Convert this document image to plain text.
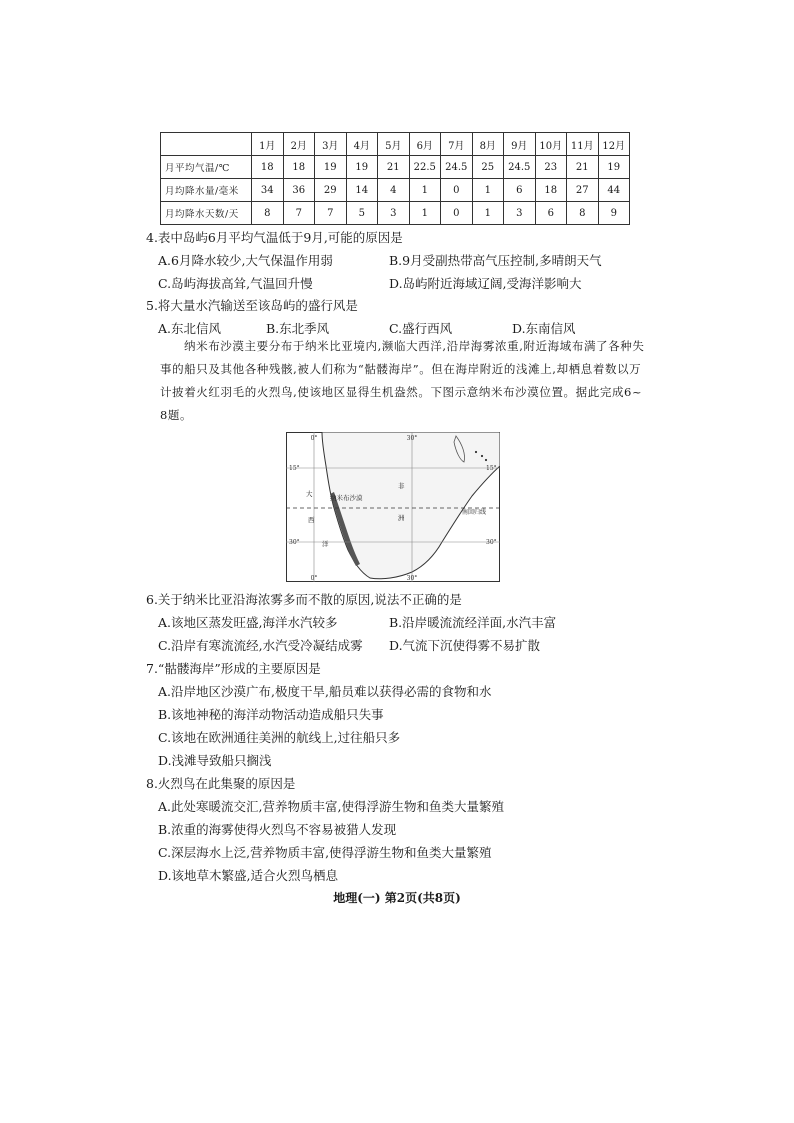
	1月	2月	3月	4月	5月	6月	7月	8月	9月	10月	11月	12月
月平均气温/℃	18	18	19	19	21	22.5	24.5	25	24.5	23	21	19
月均降水量/毫米	34	36	29	14	4	1	0	1	6	18	27	44
月均降水天数/天	8	7	7	5	3	1	0	1	3	6	8	9
4.表中岛屿6月平均气温低于9月,可能的原因是
A.6月降水较少,大气保温作用弱	B.9月受副热带高气压控制,多晴朗天气
C.岛屿海拔高耸,气温回升慢	D.岛屿附近海域辽阔,受海洋影响大
5.将大量水汽输送至该岛屿的盛行风是
A.东北信风	B.东北季风	C.盛行西风	D.东南信风
纳米布沙漠主要分布于纳米比亚境内,濒临大西洋,沿岸海雾浓重,附近海域布满了各种失
事的船只及其他各种残骸,被人们称为“骷髅海岸”。但在海岸附近的浅滩上,却栖息着数以万
计披着火红羽毛的火烈鸟,使该地区显得生机盎然。下图示意纳米布沙漠位置。据此完成6~
8题。
0°	30°
0°	30°
15°	15°
30°	30°
纳米布沙漠
大
西
洋
非
洲
南回归线
6.关于纳米比亚沿海浓雾多而不散的原因,说法不正确的是
A.该地区蒸发旺盛,海洋水汽较多	B.沿岸暖流流经洋面,水汽丰富
C.沿岸有寒流流经,水汽受冷凝结成雾 D.气流下沉使得雾不易扩散
7.“骷髅海岸”形成的主要原因是
A.沿岸地区沙漠广布,极度干旱,船员难以获得必需的食物和水
B.该地神秘的海洋动物活动造成船只失事
C.该地在欧洲通往美洲的航线上,过往船只多
D.浅滩导致船只搁浅
8.火烈鸟在此集聚的原因是
A.此处寒暖流交汇,营养物质丰富,使得浮游生物和鱼类大量繁殖
B.浓重的海雾使得火烈鸟不容易被猎人发现
C.深层海水上泛,营养物质丰富,使得浮游生物和鱼类大量繁殖
D.该地草木繁盛,适合火烈鸟栖息
地理(一) 第2页(共8页)
